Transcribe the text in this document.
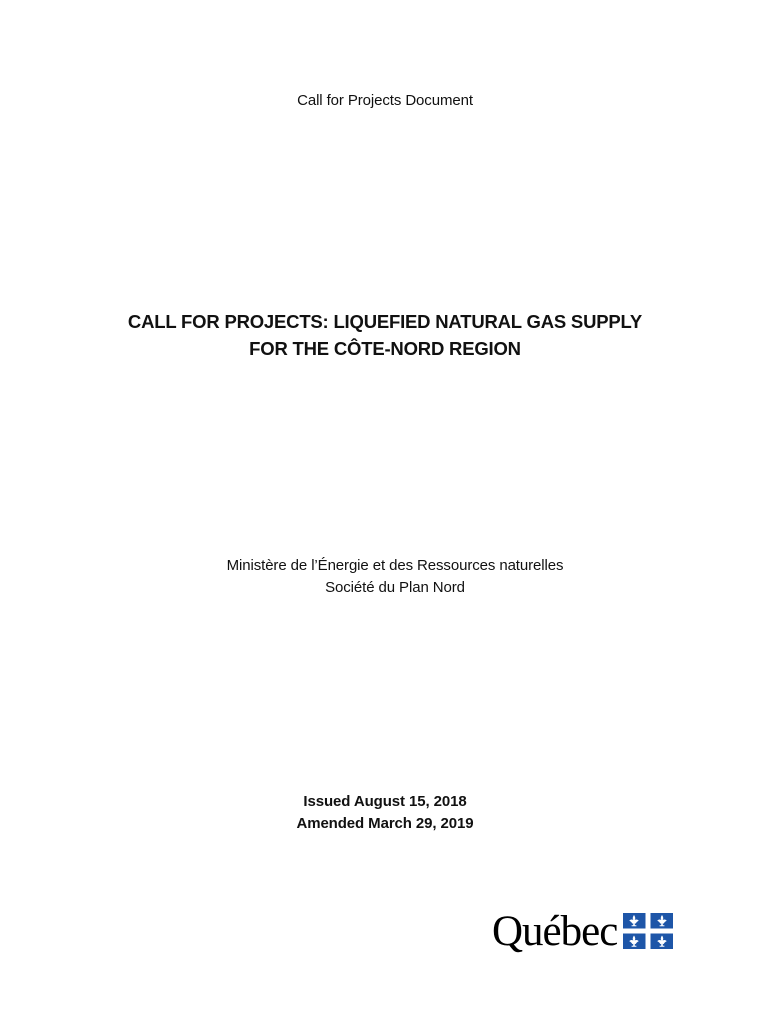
Call for Projects Document
CALL FOR PROJECTS: LIQUEFIED NATURAL GAS SUPPLY
FOR THE CÔTE-NORD REGION
Ministère de l’Énergie et des Ressources naturelles
Société du Plan Nord
Issued August 15, 2018
Amended March 29, 2019
Québec
